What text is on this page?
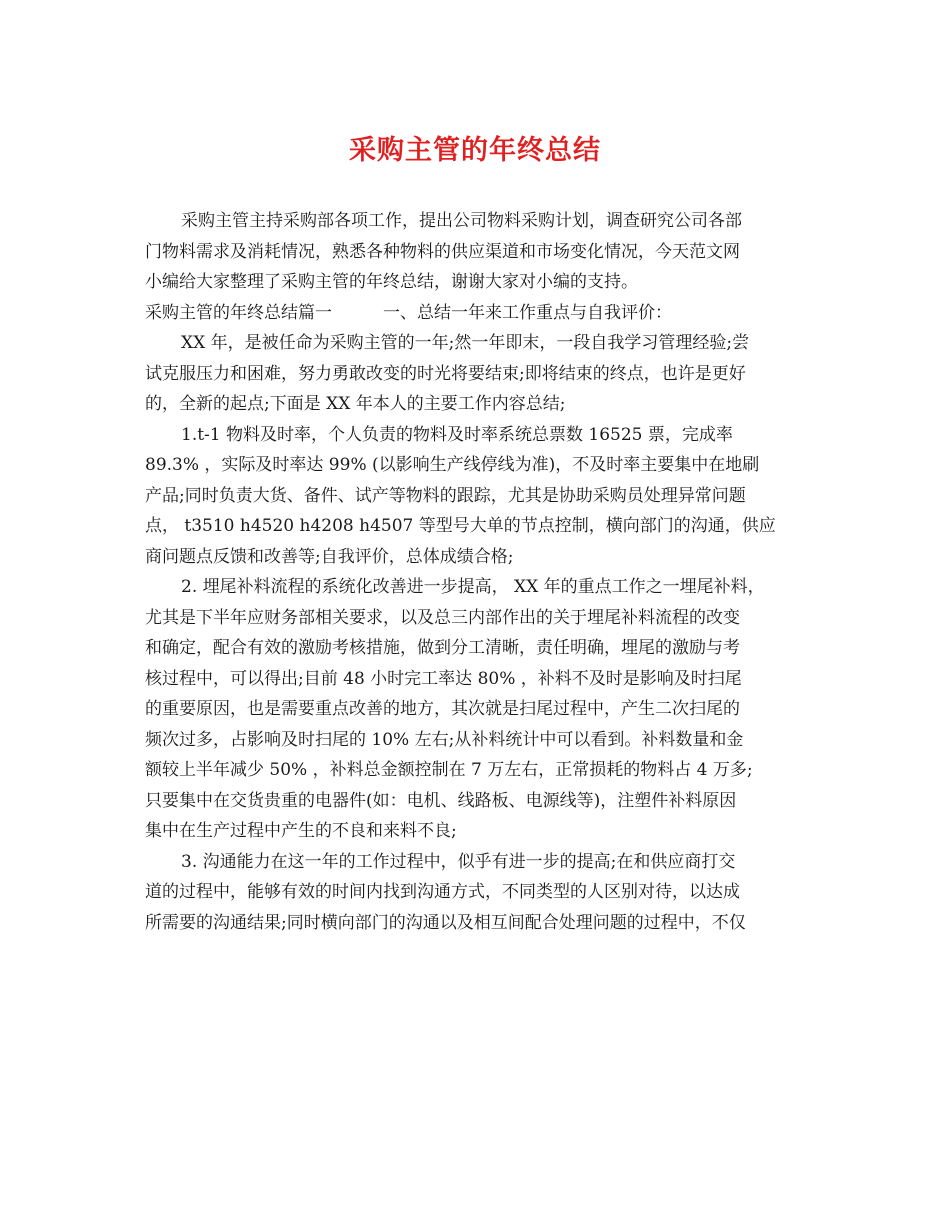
采购主管的年终总结
采购主管主持采购部各项工作，提出公司物料采购计划，调查研究公司各部
门物料需求及消耗情况，熟悉各种物料的供应渠道和市场变化情况，今天范文网
小编给大家整理了采购主管的年终总结，谢谢大家对小编的支持。
采购主管的年终总结篇一　　　一、总结一年来工作重点与自我评价：
XX 年，是被任命为采购主管的一年;然一年即末，一段自我学习管理经验;尝
试克服压力和困难，努力勇敢改变的时光将要结束;即将结束的终点，也许是更好
的，全新的起点;下面是 XX 年本人的主要工作内容总结;
1.t-1 物料及时率，个人负责的物料及时率系统总票数 16525 票，完成率
89.3% ，实际及时率达 99% (以影响生产线停线为准)，不及时率主要集中在地刷
产品;同时负责大货、备件、试产等物料的跟踪，尤其是协助采购员处理异常问题
点， t3510 h4520 h4208 h4507 等型号大单的节点控制，横向部门的沟通，供应
商问题点反馈和改善等;自我评价，总体成绩合格;
2. 埋尾补料流程的系统化改善进一步提高， XX 年的重点工作之一埋尾补料，
尤其是下半年应财务部相关要求，以及总三内部作出的关于埋尾补料流程的改变
和确定，配合有效的激励考核措施，做到分工清晰，责任明确，埋尾的激励与考
核过程中，可以得出;目前 48 小时完工率达 80% ，补料不及时是影响及时扫尾
的重要原因，也是需要重点改善的地方，其次就是扫尾过程中，产生二次扫尾的
频次过多，占影响及时扫尾的 10% 左右;从补料统计中可以看到。补料数量和金
额较上半年减少 50% ，补料总金额控制在 7 万左右，正常损耗的物料占 4 万多;
只要集中在交货贵重的电器件(如：电机、线路板、电源线等)，注塑件补料原因
集中在生产过程中产生的不良和来料不良;
3. 沟通能力在这一年的工作过程中，似乎有进一步的提高;在和供应商打交
道的过程中，能够有效的时间内找到沟通方式，不同类型的人区别对待，以达成
所需要的沟通结果;同时横向部门的沟通以及相互间配合处理问题的过程中，不仅
